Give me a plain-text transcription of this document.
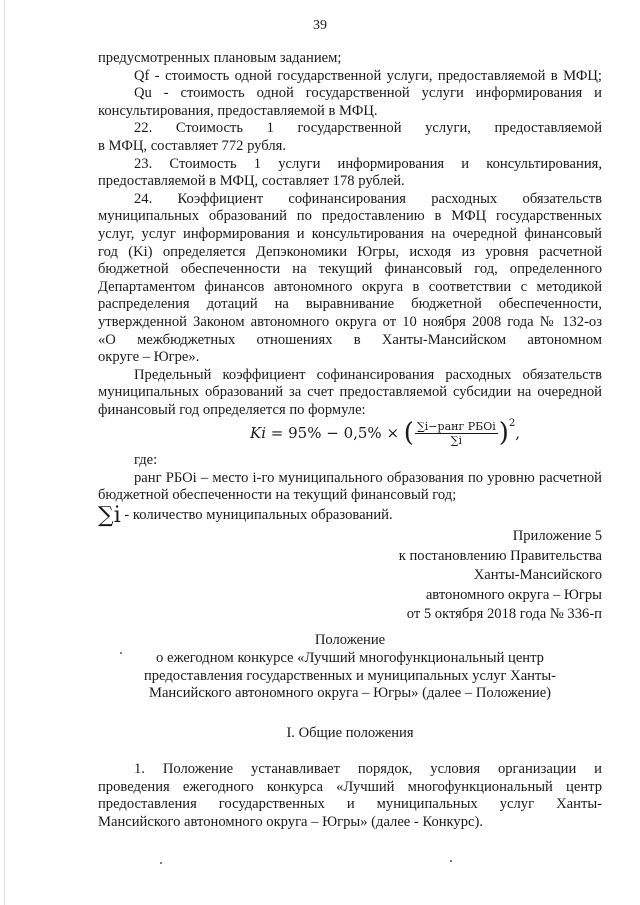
39
предусмотренных плановым заданием;
Qf - стоимость одной государственной услуги, предоставляемой в МФЦ;
Qu - стоимость одной государственной услуги информирования и
консультирования, предоставляемой в МФЦ.
22. Стоимость 1 государственной услуги, предоставляемой
в МФЦ, составляет 772 рубля.
23. Стоимость 1 услуги информирования и консультирования,
предоставляемой в МФЦ, составляет 178 рублей.
24. Коэффициент софинансирования расходных обязательств
муниципальных образований по предоставлению в МФЦ государственных
услуг, услуг информирования и консультирования на очередной финансовый
год (Ki) определяется Депэкономики Югры, исходя из уровня расчетной
бюджетной обеспеченности на текущий финансовый год, определенного
Департаментом финансов автономного округа в соответствии с методикой
распределения дотаций на выравнивание бюджетной обеспеченности,
утвержденной Законом автономного округа от 10 ноября 2008 года № 132-оз
«О межбюджетных отношениях в Ханты-Мансийском автономном
округе – Югре».
Предельный коэффициент софинансирования расходных обязательств
муниципальных образований за счет предоставляемой субсидии на очередной
финансовый год определяется по формуле:
Ki = 95% − 0,5% × ( $\frac{\text{∑i−ранг РБОi}}{\sum i}$ ) 2
,
где:
ранг РБОi – место i-го муниципального образования по уровню расчетной
бюджетной обеспеченности на текущий финансовый год;
∑i - количество муниципальных образований.
Приложение 5
к постановлению Правительства
Ханты-Мансийского
автономного округа – Югры
от 5 октября 2018 года № 336-п
Положение
о ежегодном конкурсе «Лучший многофункциональный центр
предоставления государственных и муниципальных услуг Ханты-
Мансийского автономного округа – Югры» (далее – Положение)
I. Общие положения
1. Положение устанавливает порядок, условия организации и
проведения ежегодного конкурса «Лучший многофункциональный центр
предоставления государственных и муниципальных услуг Ханты-
Мансийского автономного округа – Югры» (далее - Конкурс).
